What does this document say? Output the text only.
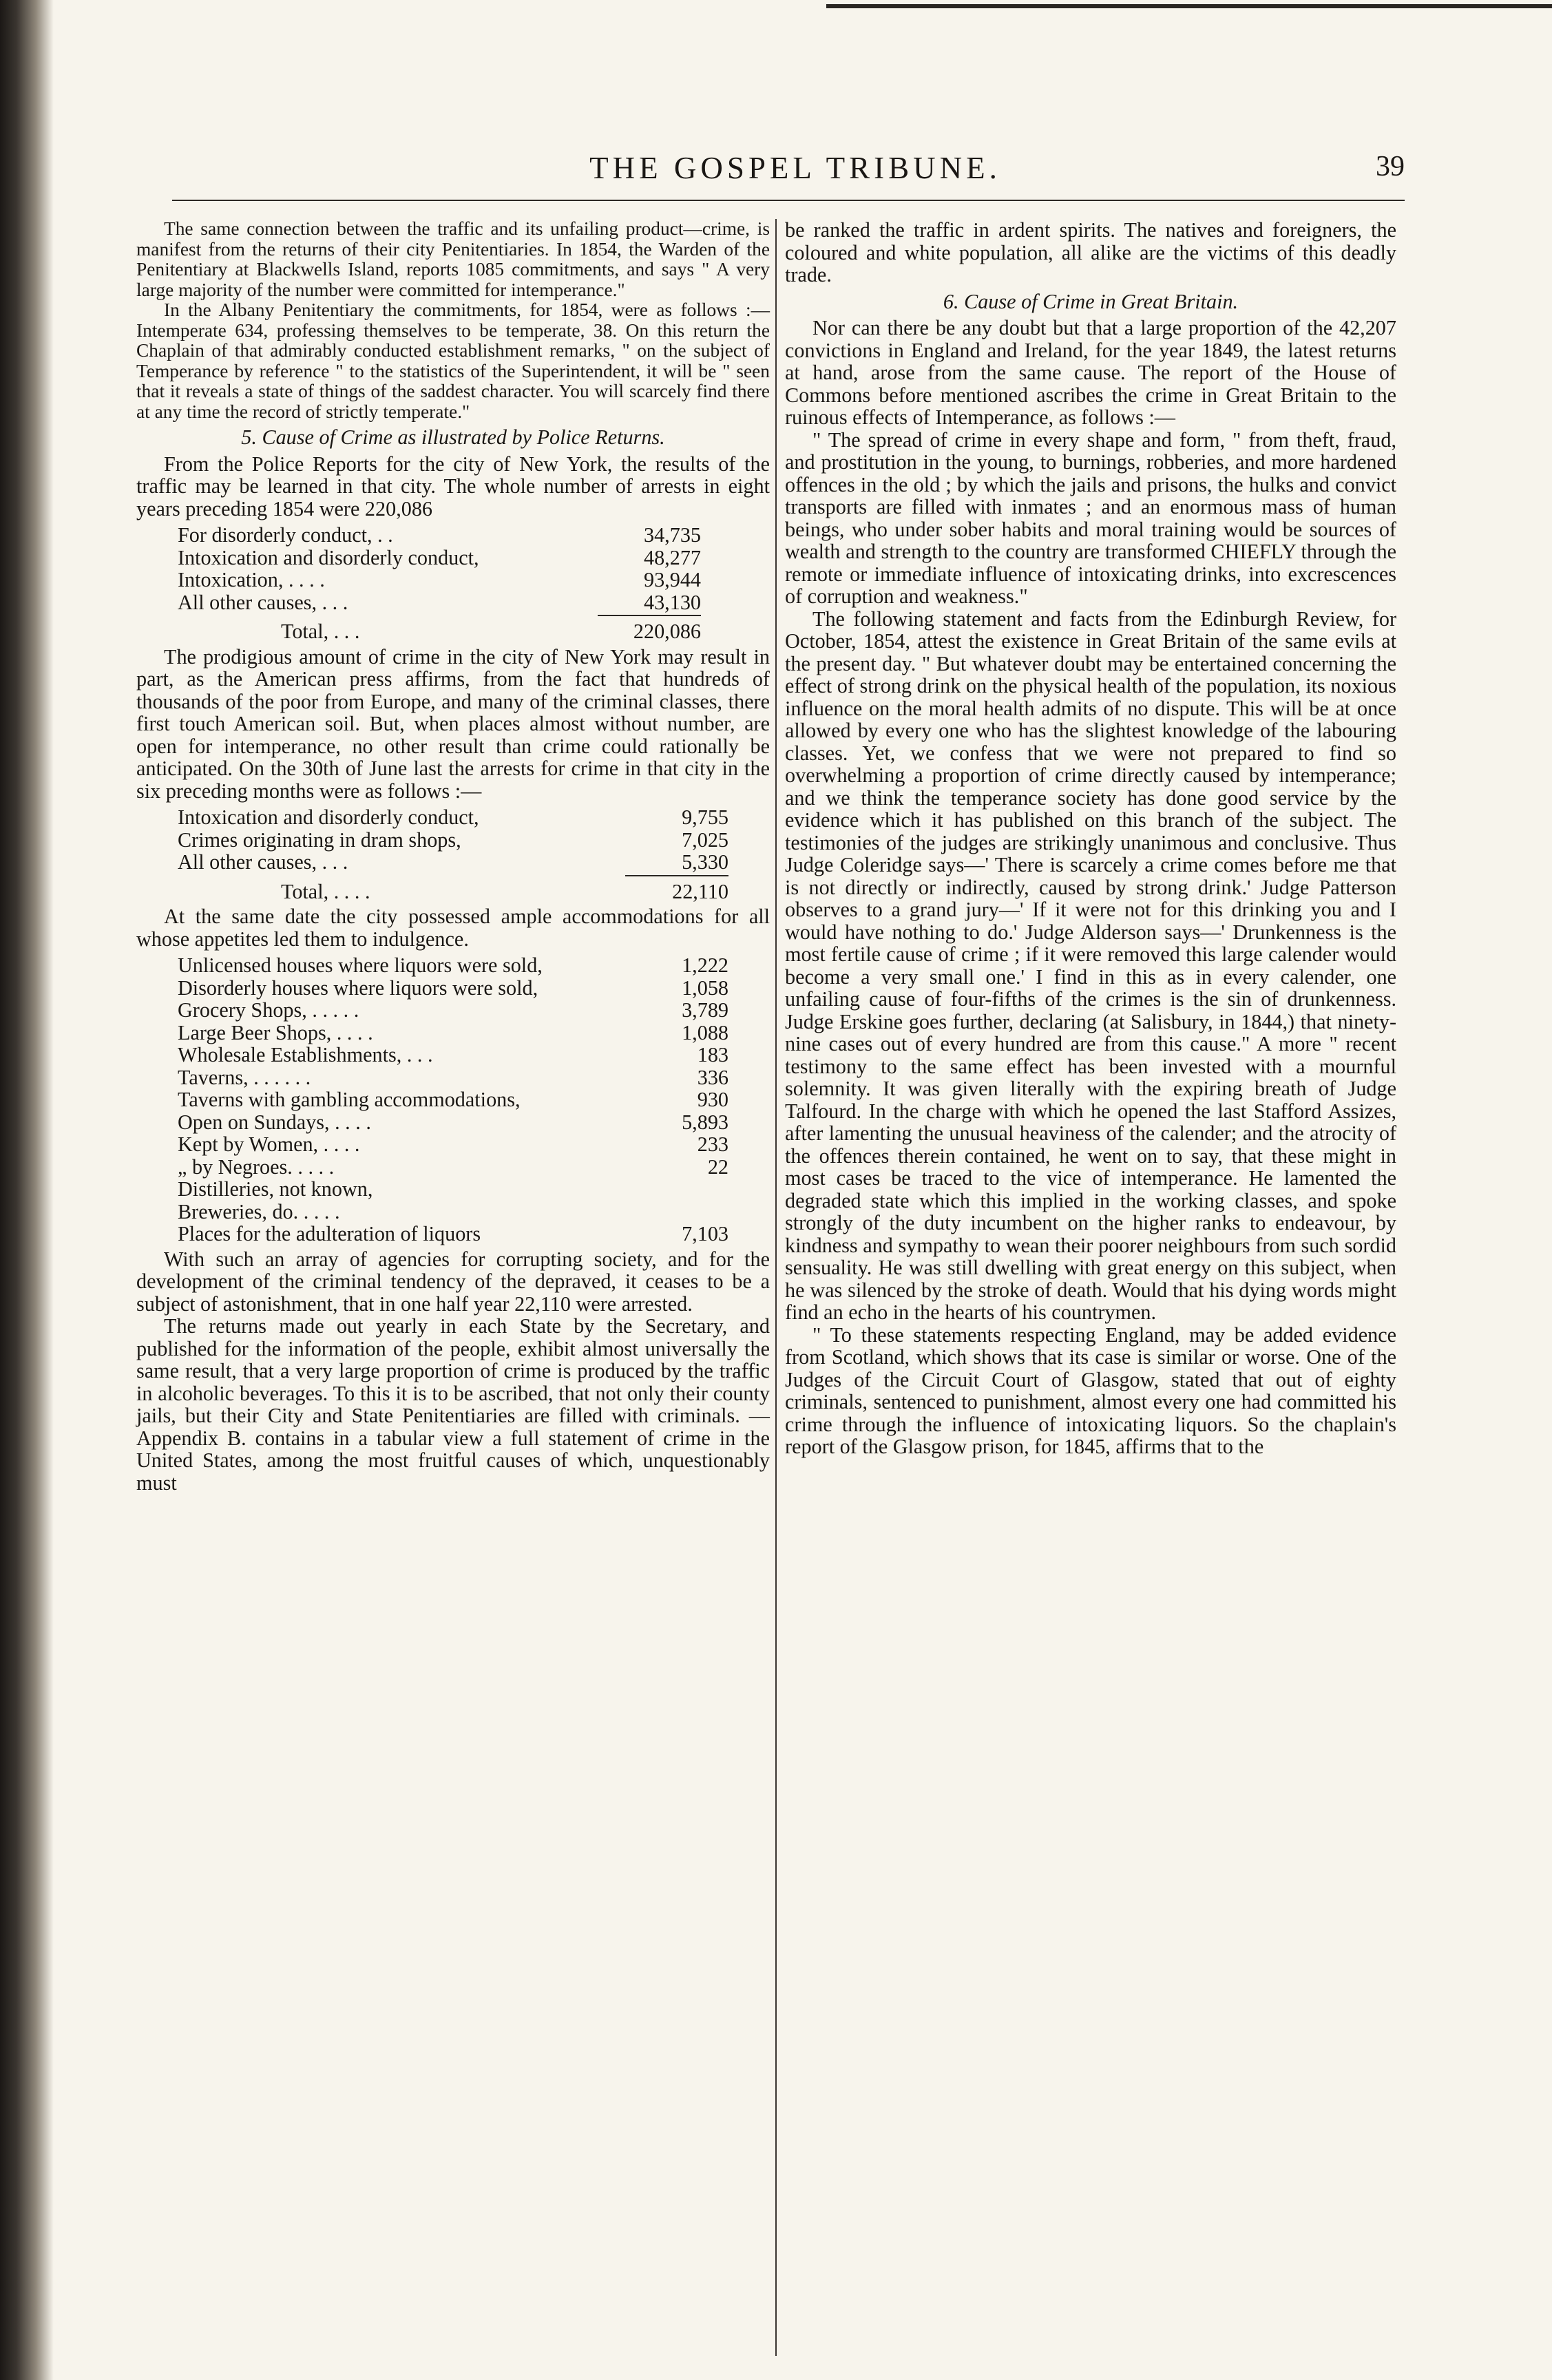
THE GOSPEL TRIBUNE.	39

The same connection between the traffic and its unfailing product—crime, is manifest from the returns of their city Penitentiaries. In 1854, the Warden of the Penitentiary at Blackwells Island, reports 1085 commitments, and says " A very large majority of the number were committed for intemperance."

In the Albany Penitentiary the commitments, for 1854, were as follows :—Intemperate 634, professing themselves to be temperate, 38. On this return the Chaplain of that admirably conducted establishment remarks, " on the subject of Temperance by reference " to the statistics of the Superintendent, it will be " seen that it reveals a state of things of the saddest character. You will scarcely find there at any time the record of strictly temperate."

5. Cause of Crime as illustrated by Police Returns.

From the Police Reports for the city of New York, the results of the traffic may be learned in that city. The whole number of arrests in eight years preceding 1854 were 220,086

For disorderly conduct, . .	34,735
Intoxication and disorderly conduct,	48,277
Intoxication, . . . .	93,944
All other causes, . . .	43,130
Total, . . .	220,086

The prodigious amount of crime in the city of New York may result in part, as the American press affirms, from the fact that hundreds of thousands of the poor from Europe, and many of the criminal classes, there first touch American soil. But, when places almost without number, are open for intemperance, no other result than crime could rationally be anticipated. On the 30th of June last the arrests for crime in that city in the six preceding months were as follows :—

Intoxication and disorderly conduct,	9,755
Crimes originating in dram shops,	7,025
All other causes, . . .	5,330
Total, . . . .	22,110

At the same date the city possessed ample accommodations for all whose appetites led them to indulgence.

Unlicensed houses where liquors were sold,	1,222
Disorderly houses where liquors were sold,	1,058
Grocery Shops, . . . . .	3,789
Large Beer Shops, . . . .	1,088
Wholesale Establishments, . . .	183
Taverns, . . . . . .	336
Taverns with gambling accommodations,	930
Open on Sundays, . . . .	5,893
Kept by Women, . . . .	233
„ by Negroes. . . . .	22
Distilleries, not known,
Breweries, do. . . . .
Places for the adulteration of liquors	7,103

With such an array of agencies for corrupting society, and for the development of the criminal tendency of the depraved, it ceases to be a subject of astonishment, that in one half year 22,110 were arrested.

The returns made out yearly in each State by the Secretary, and published for the information of the people, exhibit almost universally the same result, that a very large proportion of crime is produced by the traffic in alcoholic beverages. To this it is to be ascribed, that not only their county jails, but their City and State Penitentiaries are filled with criminals. —Appendix B. contains in a tabular view a full statement of crime in the United States, among the most fruitful causes of which, unquestionably must

be ranked the traffic in ardent spirits. The natives and foreigners, the coloured and white population, all alike are the victims of this deadly trade.

6. Cause of Crime in Great Britain.

Nor can there be any doubt but that a large proportion of the 42,207 convictions in England and Ireland, for the year 1849, the latest returns at hand, arose from the same cause. The report of the House of Commons before mentioned ascribes the crime in Great Britain to the ruinous effects of Intemperance, as follows :—

" The spread of crime in every shape and form, " from theft, fraud, and prostitution in the young, to burnings, robberies, and more hardened offences in the old ; by which the jails and prisons, the hulks and convict transports are filled with inmates ; and an enormous mass of human beings, who under sober habits and moral training would be sources of wealth and strength to the country are transformed CHIEFLY through the remote or immediate influence of intoxicating drinks, into excrescences of corruption and weakness."

The following statement and facts from the Edinburgh Review, for October, 1854, attest the existence in Great Britain of the same evils at the present day. " But whatever doubt may be entertained concerning the effect of strong drink on the physical health of the population, its noxious influence on the moral health admits of no dispute. This will be at once allowed by every one who has the slightest knowledge of the labouring classes. Yet, we confess that we were not prepared to find so overwhelming a proportion of crime directly caused by intemperance; and we think the temperance society has done good service by the evidence which it has published on this branch of the subject. The testimonies of the judges are strikingly unanimous and conclusive. Thus Judge Coleridge says—' There is scarcely a crime comes before me that is not directly or indirectly, caused by strong drink.' Judge Patterson observes to a grand jury—' If it were not for this drinking you and I would have nothing to do.' Judge Alderson says—' Drunkenness is the most fertile cause of crime ; if it were removed this large calender would become a very small one.' I find in this as in every calender, one unfailing cause of four-fifths of the crimes is the sin of drunkenness. Judge Erskine goes further, declaring (at Salisbury, in 1844,) that ninety-nine cases out of every hundred are from this cause." A more " recent testimony to the same effect has been invested with a mournful solemnity. It was given literally with the expiring breath of Judge Talfourd. In the charge with which he opened the last Stafford Assizes, after lamenting the unusual heaviness of the calender; and the atrocity of the offences therein contained, he went on to say, that these might in most cases be traced to the vice of intemperance. He lamented the degraded state which this implied in the working classes, and spoke strongly of the duty incumbent on the higher ranks to endeavour, by kindness and sympathy to wean their poorer neighbours from such sordid sensuality. He was still dwelling with great energy on this subject, when he was silenced by the stroke of death. Would that his dying words might find an echo in the hearts of his countrymen.

" To these statements respecting England, may be added evidence from Scotland, which shows that its case is similar or worse. One of the Judges of the Circuit Court of Glasgow, stated that out of eighty criminals, sentenced to punishment, almost every one had committed his crime through the influence of intoxicating liquors. So the chaplain's report of the Glasgow prison, for 1845, affirms that to the
